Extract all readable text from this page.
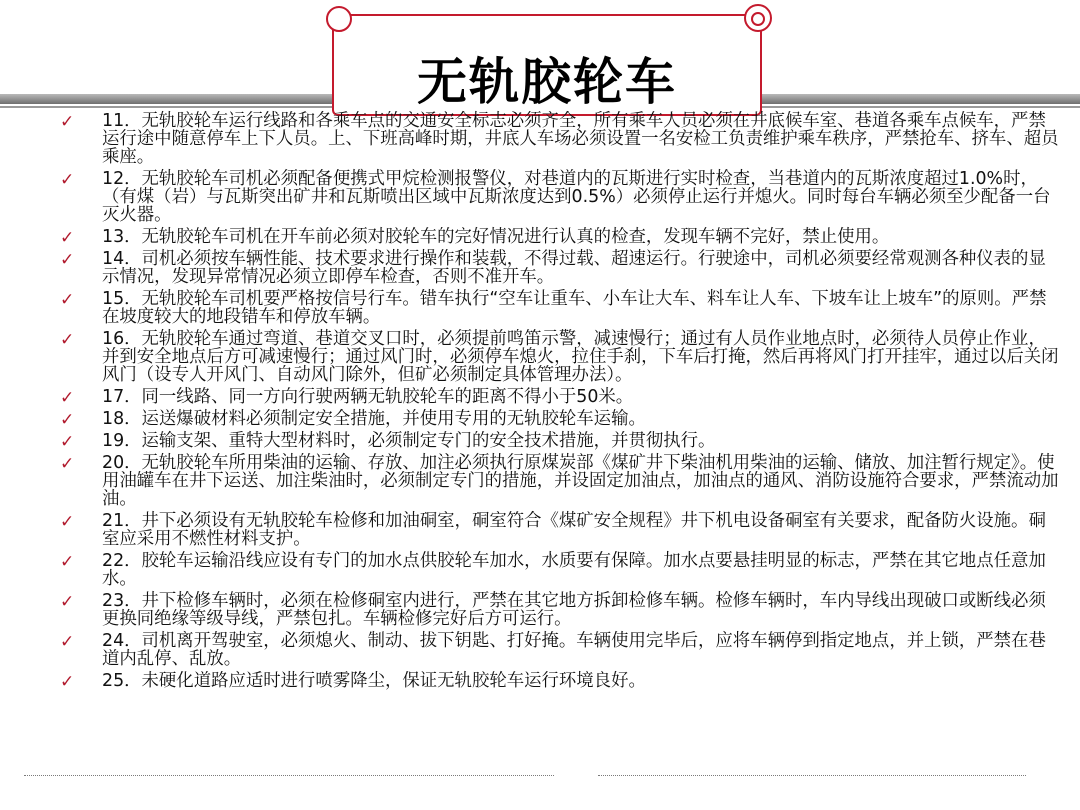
无轨胶轮车
✓ 11．无轨胶轮车运行线路和各乘车点的交通安全标志必须齐全，所有乘车人员必须在井底候车室、巷道各乘车点候车，严禁运行途中随意停车上下人员。上、下班高峰时期，井底人车场必须设置一名安检工负责维护乘车秩序，严禁抢车、挤车、超员乘座。
✓ 12．无轨胶轮车司机必须配备便携式甲烷检测报警仪，对巷道内的瓦斯进行实时检查，当巷道内的瓦斯浓度超过1.0%时，（有煤（岩）与瓦斯突出矿井和瓦斯喷出区域中瓦斯浓度达到0.5%）必须停止运行并熄火。同时每台车辆必须至少配备一台灭火器。
✓ 13．无轨胶轮车司机在开车前必须对胶轮车的完好情况进行认真的检查，发现车辆不完好，禁止使用。
✓ 14．司机必须按车辆性能、技术要求进行操作和装载，不得过载、超速运行。行驶途中，司机必须要经常观测各种仪表的显示情况，发现异常情况必须立即停车检查，否则不准开车。
✓ 15．无轨胶轮车司机要严格按信号行车。错车执行“空车让重车、小车让大车、料车让人车、下坡车让上坡车”的原则。严禁在坡度较大的地段错车和停放车辆。
✓ 16．无轨胶轮车通过弯道、巷道交叉口时，必须提前鸣笛示警，减速慢行；通过有人员作业地点时，必须待人员停止作业，并到安全地点后方可减速慢行；通过风门时，必须停车熄火，拉住手刹，下车后打掩，然后再将风门打开挂牢，通过以后关闭风门（设专人开风门、自动风门除外，但矿必须制定具体管理办法）。
✓ 17．同一线路、同一方向行驶两辆无轨胶轮车的距离不得小于50米。
✓ 18．运送爆破材料必须制定安全措施，并使用专用的无轨胶轮车运输。
✓ 19．运输支架、重特大型材料时，必须制定专门的安全技术措施，并贯彻执行。
✓ 20．无轨胶轮车所用柴油的运输、存放、加注必须执行原煤炭部《煤矿井下柴油机用柴油的运输、储放、加注暂行规定》。使用油罐车在井下运送、加注柴油时，必须制定专门的措施，并设固定加油点，加油点的通风、消防设施符合要求，严禁流动加油。
✓ 21．井下必须设有无轨胶轮车检修和加油硐室，硐室符合《煤矿安全规程》井下机电设备硐室有关要求，配备防火设施。硐室应采用不燃性材料支护。
✓ 22．胶轮车运输沿线应设有专门的加水点供胶轮车加水，水质要有保障。加水点要悬挂明显的标志，严禁在其它地点任意加水。
✓ 23．井下检修车辆时，必须在检修硐室内进行，严禁在其它地方拆卸检修车辆。检修车辆时，车内导线出现破口或断线必须更换同绝缘等级导线，严禁包扎。车辆检修完好后方可运行。
✓ 24．司机离开驾驶室，必须熄火、制动、拔下钥匙、打好掩。车辆使用完毕后，应将车辆停到指定地点，并上锁，严禁在巷道内乱停、乱放。
✓ 25．未硬化道路应适时进行喷雾降尘，保证无轨胶轮车运行环境良好。
